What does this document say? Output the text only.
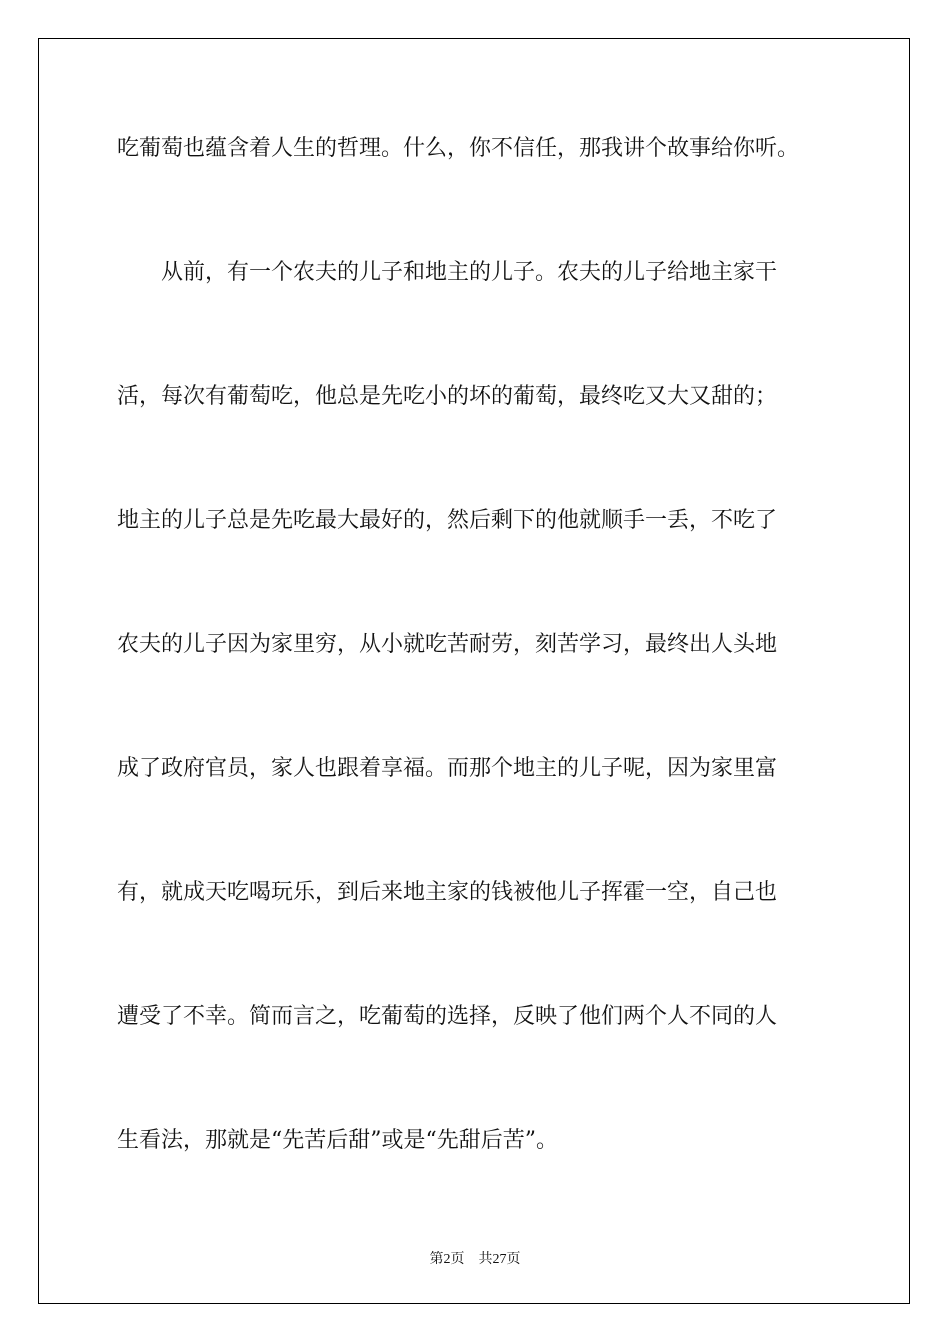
吃葡萄也蕴含着人生的哲理。什么，你不信任，那我讲个故事给你听。
从前，有一个农夫的儿子和地主的儿子。农夫的儿子给地主家干
活，每次有葡萄吃，他总是先吃小的坏的葡萄，最终吃又大又甜的；
地主的儿子总是先吃最大最好的，然后剩下的他就顺手一丢，不吃了
农夫的儿子因为家里穷，从小就吃苦耐劳，刻苦学习，最终出人头地
成了政府官员，家人也跟着享福。而那个地主的儿子呢，因为家里富
有，就成天吃喝玩乐，到后来地主家的钱被他儿子挥霍一空，自己也
遭受了不幸。简而言之，吃葡萄的选择，反映了他们两个人不同的人
生看法，那就是“先苦后甜”或是“先甜后苦”。
第2页 共27页
